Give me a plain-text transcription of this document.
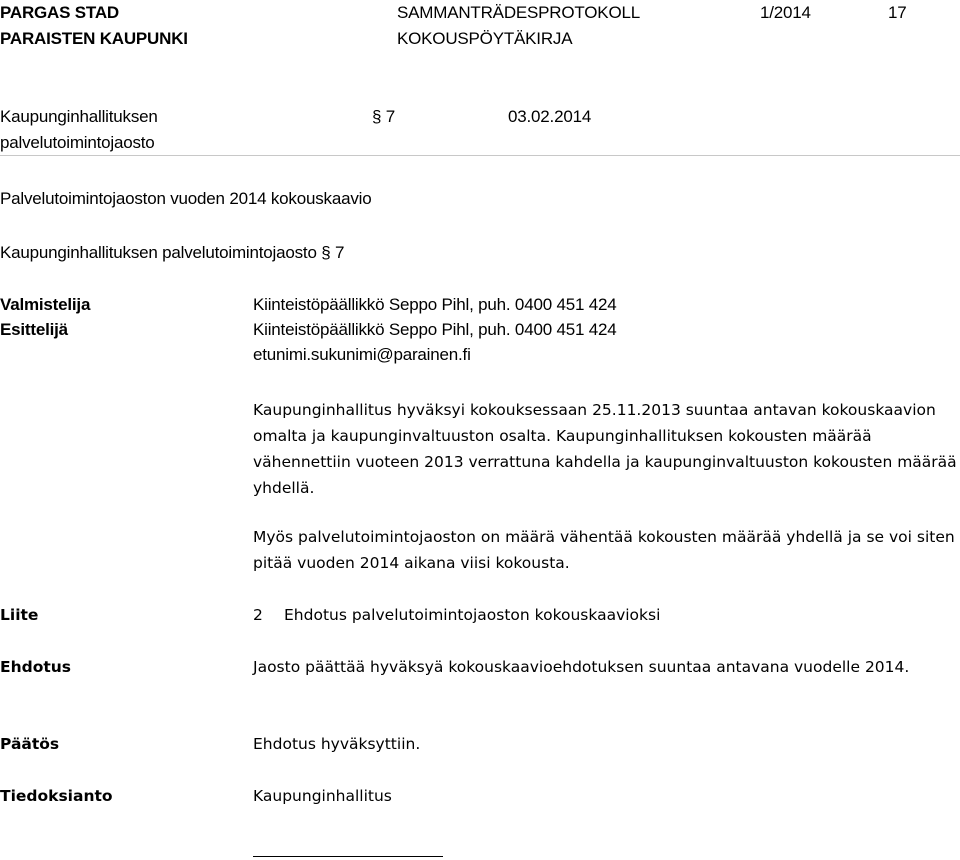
PARGAS STAD
PARAISTEN KAUPUNKI
SAMMANTRÄDESPROTOKOLL
KOKOUSPÖYTÄKIRJA
1/2014	17
Kaupunginhallituksen
palvelutoimintojaosto
§ 7	03.02.2014
Palvelutoimintojaoston vuoden 2014 kokouskaavio
Kaupunginhallituksen palvelutoimintojaosto § 7
Valmistelija	Kiinteistöpäällikkö Seppo Pihl, puh. 0400 451 424
Esittelijä	Kiinteistöpäällikkö Seppo Pihl, puh. 0400 451 424
etunimi.sukunimi@parainen.fi
Kaupunginhallitus hyväksyi kokouksessaan 25.11.2013 suuntaa antavan kokouskaavion omalta ja kaupunginvaltuuston osalta. Kaupunginhallituksen kokousten määrää vähennettiin vuoteen 2013 verrattuna kahdella ja kaupunginvaltuuston kokousten määrää yhdellä.
Myös palvelutoimintojaoston on määrä vähentää kokousten määrää yhdellä ja se voi siten pitää vuoden 2014 aikana viisi kokousta.
Liite	2 Ehdotus palvelutoimintojaoston kokouskaavioksi
Ehdotus	Jaosto päättää hyväksyä kokouskaavioehdotuksen suuntaa antavana vuodelle 2014.
Päätös	Ehdotus hyväksyttiin.
Tiedoksianto	Kaupunginhallitus
